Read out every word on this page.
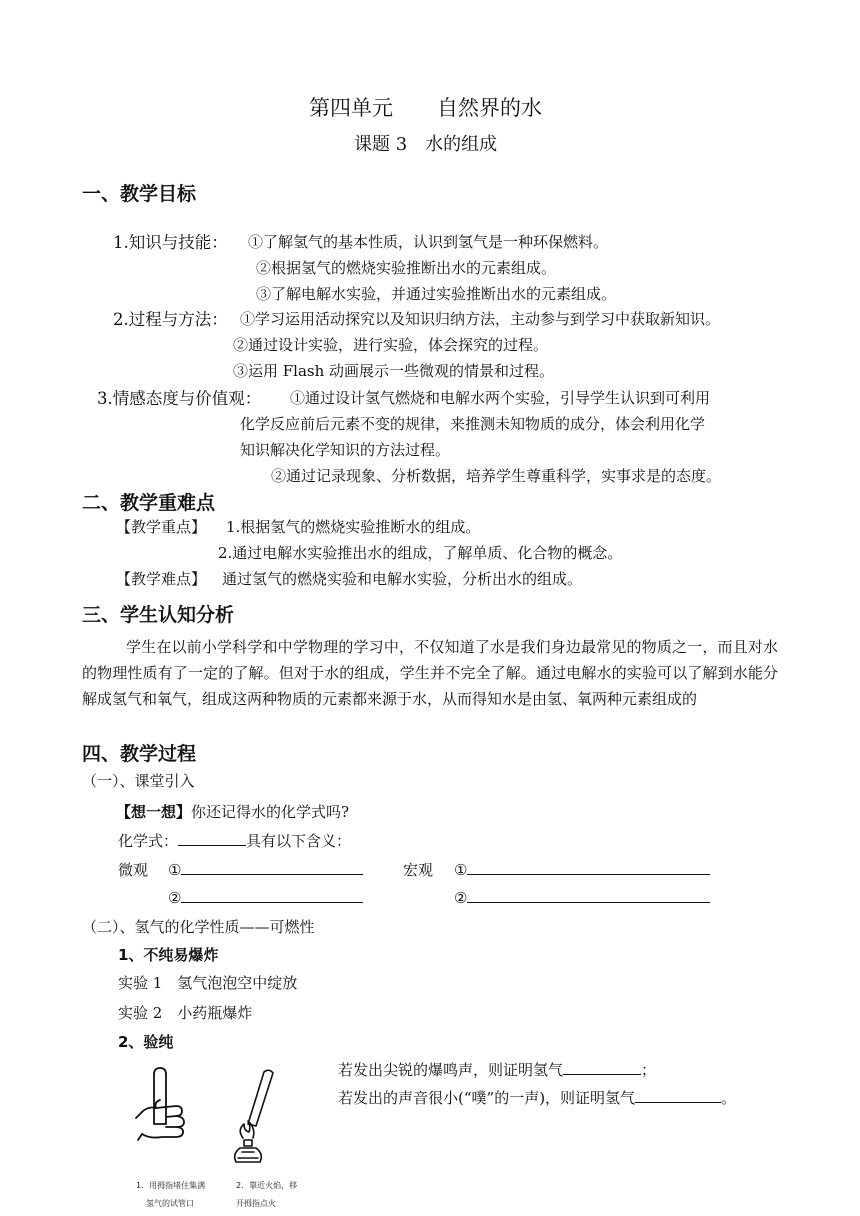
第四单元 自然界的水
课题 3　水的组成
一、教学目标
1.知识与技能： ①了解氢气的基本性质，认识到氢气是一种环保燃料。
②根据氢气的燃烧实验推断出水的元素组成。
③了解电解水实验，并通过实验推断出水的元素组成。
2.过程与方法： ①学习运用活动探究以及知识归纳方法，主动参与到学习中获取新知识。
②通过设计实验，进行实验，体会探究的过程。
③运用 Flash 动画展示一些微观的情景和过程。
3.情感态度与价值观： ①通过设计氢气燃烧和电解水两个实验，引导学生认识到可利用
化学反应前后元素不变的规律，来推测未知物质的成分，体会利用化学
知识解决化学知识的方法过程。
②通过记录现象、分析数据，培养学生尊重科学，实事求是的态度。
二、教学重难点
【教学重点】 1.根据氢气的燃烧实验推断水的组成。
2.通过电解水实验推出水的组成，了解单质、化合物的概念。
【教学难点】 通过氢气的燃烧实验和电解水实验，分析出水的组成。
三、学生认知分析

学生在以前小学科学和中学物理的学习中，不仅知道了水是我们身边最常见的物质之一，而且对水的物理性质有了一定的了解。但对于水的组成，学生并不完全了解。通过电解水的实验可以了解到水能分解成氢气和氧气，组成这两种物质的元素都来源于水，从而得知水是由氢、氧两种元素组成的

四、教学过程
（一）、课堂引入
【想一想】你还记得水的化学式吗?
化学式：	具有以下含义：
微观 ①
②
宏观 ①
②
（二）、氢气的化学性质——可燃性
1、不纯易爆炸
实验 1　氢气泡泡空中绽放
实验 2　小药瓶爆炸
2、验纯
若发出尖锐的爆鸣声，则证明氢气	；
若发出的声音很小(“噗”的一声)，则证明氢气	。
1．用拇指堵住集满	2．靠近火焰，移
氢气的试管口	开拇指点火
